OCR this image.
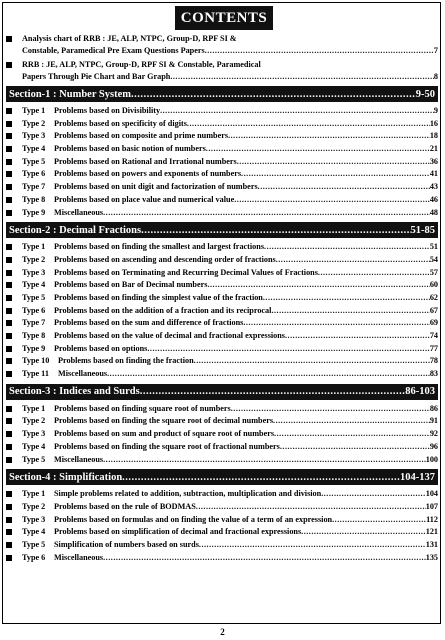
CONTENTS
Analysis chart of RRB : JE, ALP, NTPC, Group-D, RPF SI &
Constable, Paramedical Pre Exam Questions Papers .....	7
RRB : JE, ALP, NTPC, Group-D, RPF SI & Constable, Paramedical
Papers Through Pie Chart and Bar Graph .....	8
Section-1 : Number System .....	9-50
Type 1	Problems based on Divisibility .....	9
Type 2	Problems based on specificity of digits .....	16
Type 3	Problems based on composite and prime numbers .....	18
Type 4	Problems based on basic notion of numbers .....	21
Type 5	Problems based on Rational and Irrational numbers .....	36
Type 6	Problems based on powers and exponents of numbers .....	41
Type 7	Problems based on unit digit and factorization of numbers .....	43
Type 8	Problems based on place value and numerical value .....	46
Type 9	Miscellaneous .....	48
Section-2 : Decimal Fractions .....	51-85
Type 1	Problems based on finding the smallest and largest fractions .....	51
Type 2	Problems based on ascending and descending order of fractions .....	54
Type 3	Problems based on Terminating and Recurring Decimal Values of Fractions .....	57
Type 4	Problems based on Bar of Decimal numbers .....	60
Type 5	Problems based on finding the simplest value of the fraction .....	62
Type 6	Problems based on the addition of a fraction and its reciprocal .....	67
Type 7	Problems based on the sum and difference of fractions .....	69
Type 8	Problems based on the value of decimal and fractional expressions .....	74
Type 9	Problems based on options .....	77
Type 10	Problems based on finding the fraction .....	78
Type 11	Miscellaneous .....	83
Section-3 : Indices and Surds .....	86-103
Type 1	Problems based on finding square root of numbers .....	86
Type 2	Problems based on finding the square root of decimal numbers .....	91
Type 3	Problems based on sum and product of square root of numbers .....	92
Type 4	Problems based on finding the square root of fractional numbers .....	96
Type 5	Miscellaneous .....	100
Section-4 : Simplification .....	104-137
Type 1	Simple problems related to addition, subtraction, multiplication and division .....	104
Type 2	Problems based on the rule of BODMAS .....	107
Type 3	Problems based on formulas and on finding the value of a term of an expression .....	112
Type 4	Problems based on simplification of decimal and fractional expressions .....	121
Type 5	Simplification of numbers based on surds .....	131
Type 6	Miscellaneous .....	135
2
